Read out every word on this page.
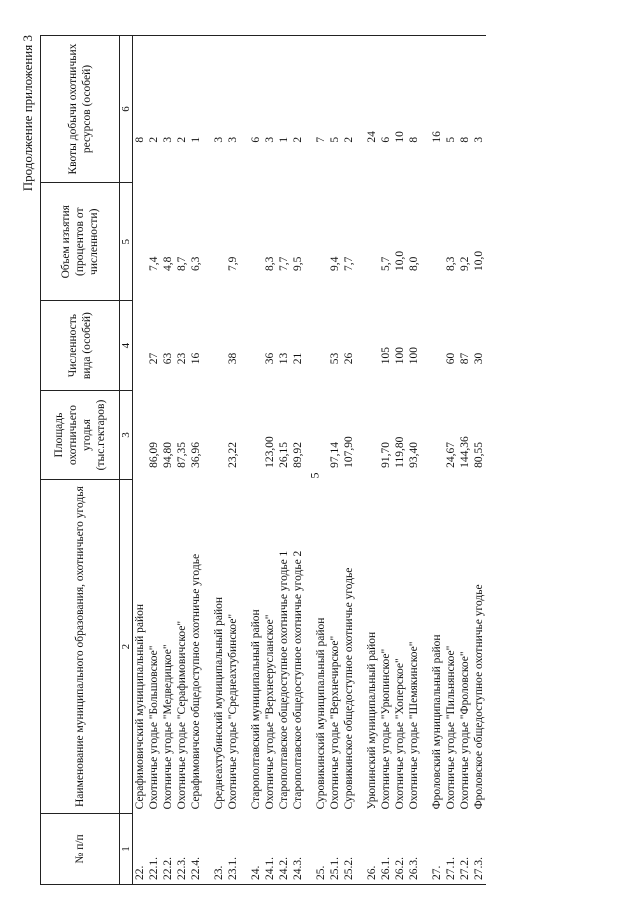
5
Продолжение приложения 3
№ п/п	Наименование муниципального образования, охотничьего угодья	Площадь охотничьего угодья (тыс.гектаров)	Численность вида (особей)	Объем изъятия (процентов от численности)	Квоты добычи охотничьих ресурсов (особей)
1	2	3	4	5	6
22.	Серафимовичский муниципальный район				8
22.1.	Охотничье угодье "Большовское"	86,09	27	7,4	2
22.2.	Охотничье угодье "Медведицкое"	94,80	63	4,8	3
22.3.	Охотничье угодье "Серафимовичское"	87,35	23	8,7	2
22.4.	Серафимовичское общедоступное охотничье угодье	36,96	16	6,3	1

23.	Среднеахтубинский муниципальный район				3
23.1.	Охотничье угодье "Среднеахтубинское"	23,22	38	7,9	3

24.	Старополтавский муниципальный район				6
24.1.	Охотничье угодье "Верхнеерусланское"	123,00	36	8,3	3
24.2.	Старополтавское общедоступное охотничье угодье 1	26,15	13	7,7	1
24.3.	Старополтавское общедоступное охотничье угодье 2	89,92	21	9,5	2

25.	Суровикинский муниципальный район				7
25.1.	Охотничье угодье "Верхнечирское"	97,14	53	9,4	5
25.2.	Суровикинское общедоступное охотничье угодье	107,90	26	7,7	2

26.	Урюпинский муниципальный район				24
26.1.	Охотничье угодье "Урюпинское"	91,70	105	5,7	6
26.2.	Охотничье угодье "Хоперское"	119,80	100	10,0	10
26.3.	Охотничье угодье "Шемякинское"	93,40	100	8,0	8

27.	Фроловский муниципальный район				16
27.1.	Охотничье угодье "Пильнянское"	24,67	60	8,3	5
27.2.	Охотничье угодье "Фроловское"	144,36	87	9,2	8
27.3.	Фроловское общедоступное охотничье угодье	80,55	30	10,0	3
